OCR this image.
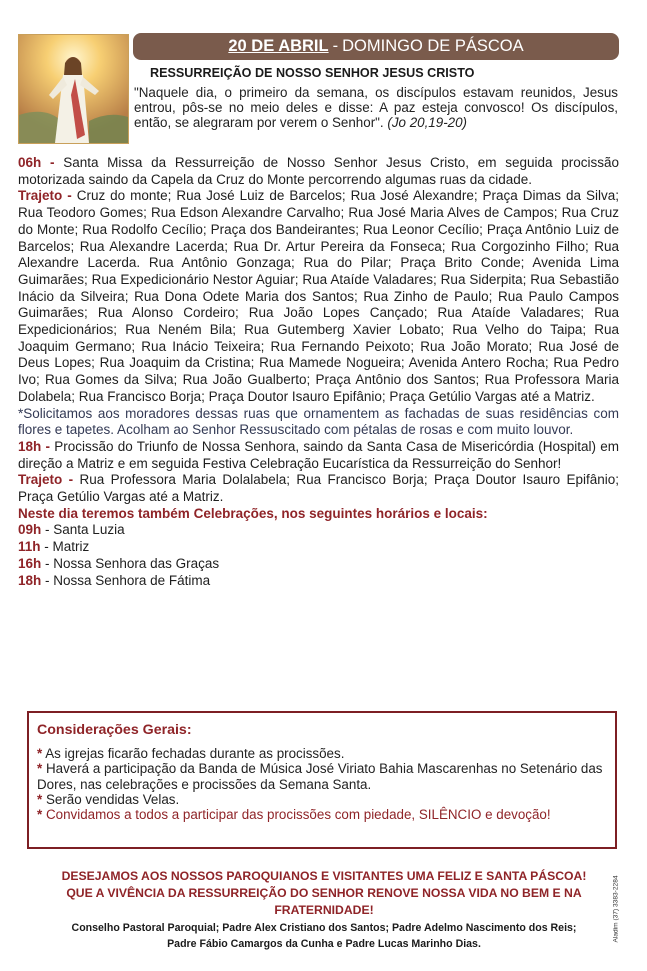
20 DE ABRIL - DOMINGO DE PÁSCOA
RESSURREIÇÃO DE NOSSO SENHOR JESUS CRISTO
"Naquele dia, o primeiro da semana, os discípulos estavam reunidos, Jesus entrou, pôs-se no meio deles e disse: A paz esteja convosco! Os discípulos, então, se alegraram por verem o Senhor". (Jo 20,19-20)

06h - Santa Missa da Ressurreição de Nosso Senhor Jesus Cristo, em seguida procissão motorizada saindo da Capela da Cruz do Monte percorrendo algumas ruas da cidade.

Trajeto - Cruz do monte; Rua José Luiz de Barcelos; Rua José Alexandre; Praça Dimas da Silva; Rua Teodoro Gomes; Rua Edson Alexandre Carvalho; Rua José Maria Alves de Campos; Rua Cruz do Monte; Rua Rodolfo Cecílio; Praça dos Bandeirantes; Rua Leonor Cecílio; Praça Antônio Luiz de Barcelos; Rua Alexandre Lacerda; Rua Dr. Artur Pereira da Fonseca; Rua Corgozinho Filho; Rua Alexandre Lacerda. Rua Antônio Gonzaga; Rua do Pilar; Praça Brito Conde; Avenida Lima Guimarães; Rua Expedicionário Nestor Aguiar; Rua Ataíde Valadares; Rua Siderpita; Rua Sebastião Inácio da Silveira; Rua Dona Odete Maria dos Santos; Rua Zinho de Paulo; Rua Paulo Campos Guimarães; Rua Alonso Cordeiro; Rua João Lopes Cançado; Rua Ataíde Valadares; Rua Expedicionários; Rua Neném Bila; Rua Gutemberg Xavier Lobato; Rua Velho do Taipa; Rua Joaquim Germano; Rua Inácio Teixeira; Rua Fernando Peixoto; Rua João Morato; Rua José de Deus Lopes; Rua Joaquim da Cristina; Rua Mamede Nogueira; Avenida Antero Rocha; Rua Pedro Ivo; Rua Gomes da Silva; Rua João Gualberto; Praça Antônio dos Santos; Rua Professora Maria Dolabela; Rua Francisco Borja; Praça Doutor Isauro Epifânio; Praça Getúlio Vargas até a Matriz.

*Solicitamos aos moradores dessas ruas que ornamentem as fachadas de suas residências com flores e tapetes. Acolham ao Senhor Ressuscitado com pétalas de rosas e com muito louvor.

18h - Procissão do Triunfo de Nossa Senhora, saindo da Santa Casa de Misericórdia (Hospital) em direção a Matriz e em seguida Festiva Celebração Eucarística da Ressurreição do Senhor!

Trajeto - Rua Professora Maria Dolalabela; Rua Francisco Borja; Praça Doutor Isauro Epifânio; Praça Getúlio Vargas até a Matriz.

Neste dia teremos também Celebrações, nos seguintes horários e locais:

09h - Santa Luzia
11h - Matriz
16h - Nossa Senhora das Graças
18h - Nossa Senhora de Fátima
Considerações Gerais:

* As igrejas ficarão fechadas durante as procissões.

* Haverá a participação da Banda de Música José Viriato Bahia Mascarenhas no Setenário das Dores, nas celebrações e procissões da Semana Santa.

* Serão vendidas Velas.

* Convidamos a todos a participar das procissões com piedade, SILÊNCIO e devoção!

DESEJAMOS AOS NOSSOS PAROQUIANOS E VISITANTES UMA FELIZ E SANTA PÁSCOA!
QUE A VIVÊNCIA DA RESSURREIÇÃO DO SENHOR RENOVE NOSSA VIDA NO BEM E NA FRATERNIDADE!
Conselho Pastoral Paroquial; Padre Alex Cristiano dos Santos; Padre Adelmo Nascimento dos Reis;
Padre Fábio Camargos da Cunha e Padre Lucas Marinho Dias.
Aladim (37) 3383-2284
